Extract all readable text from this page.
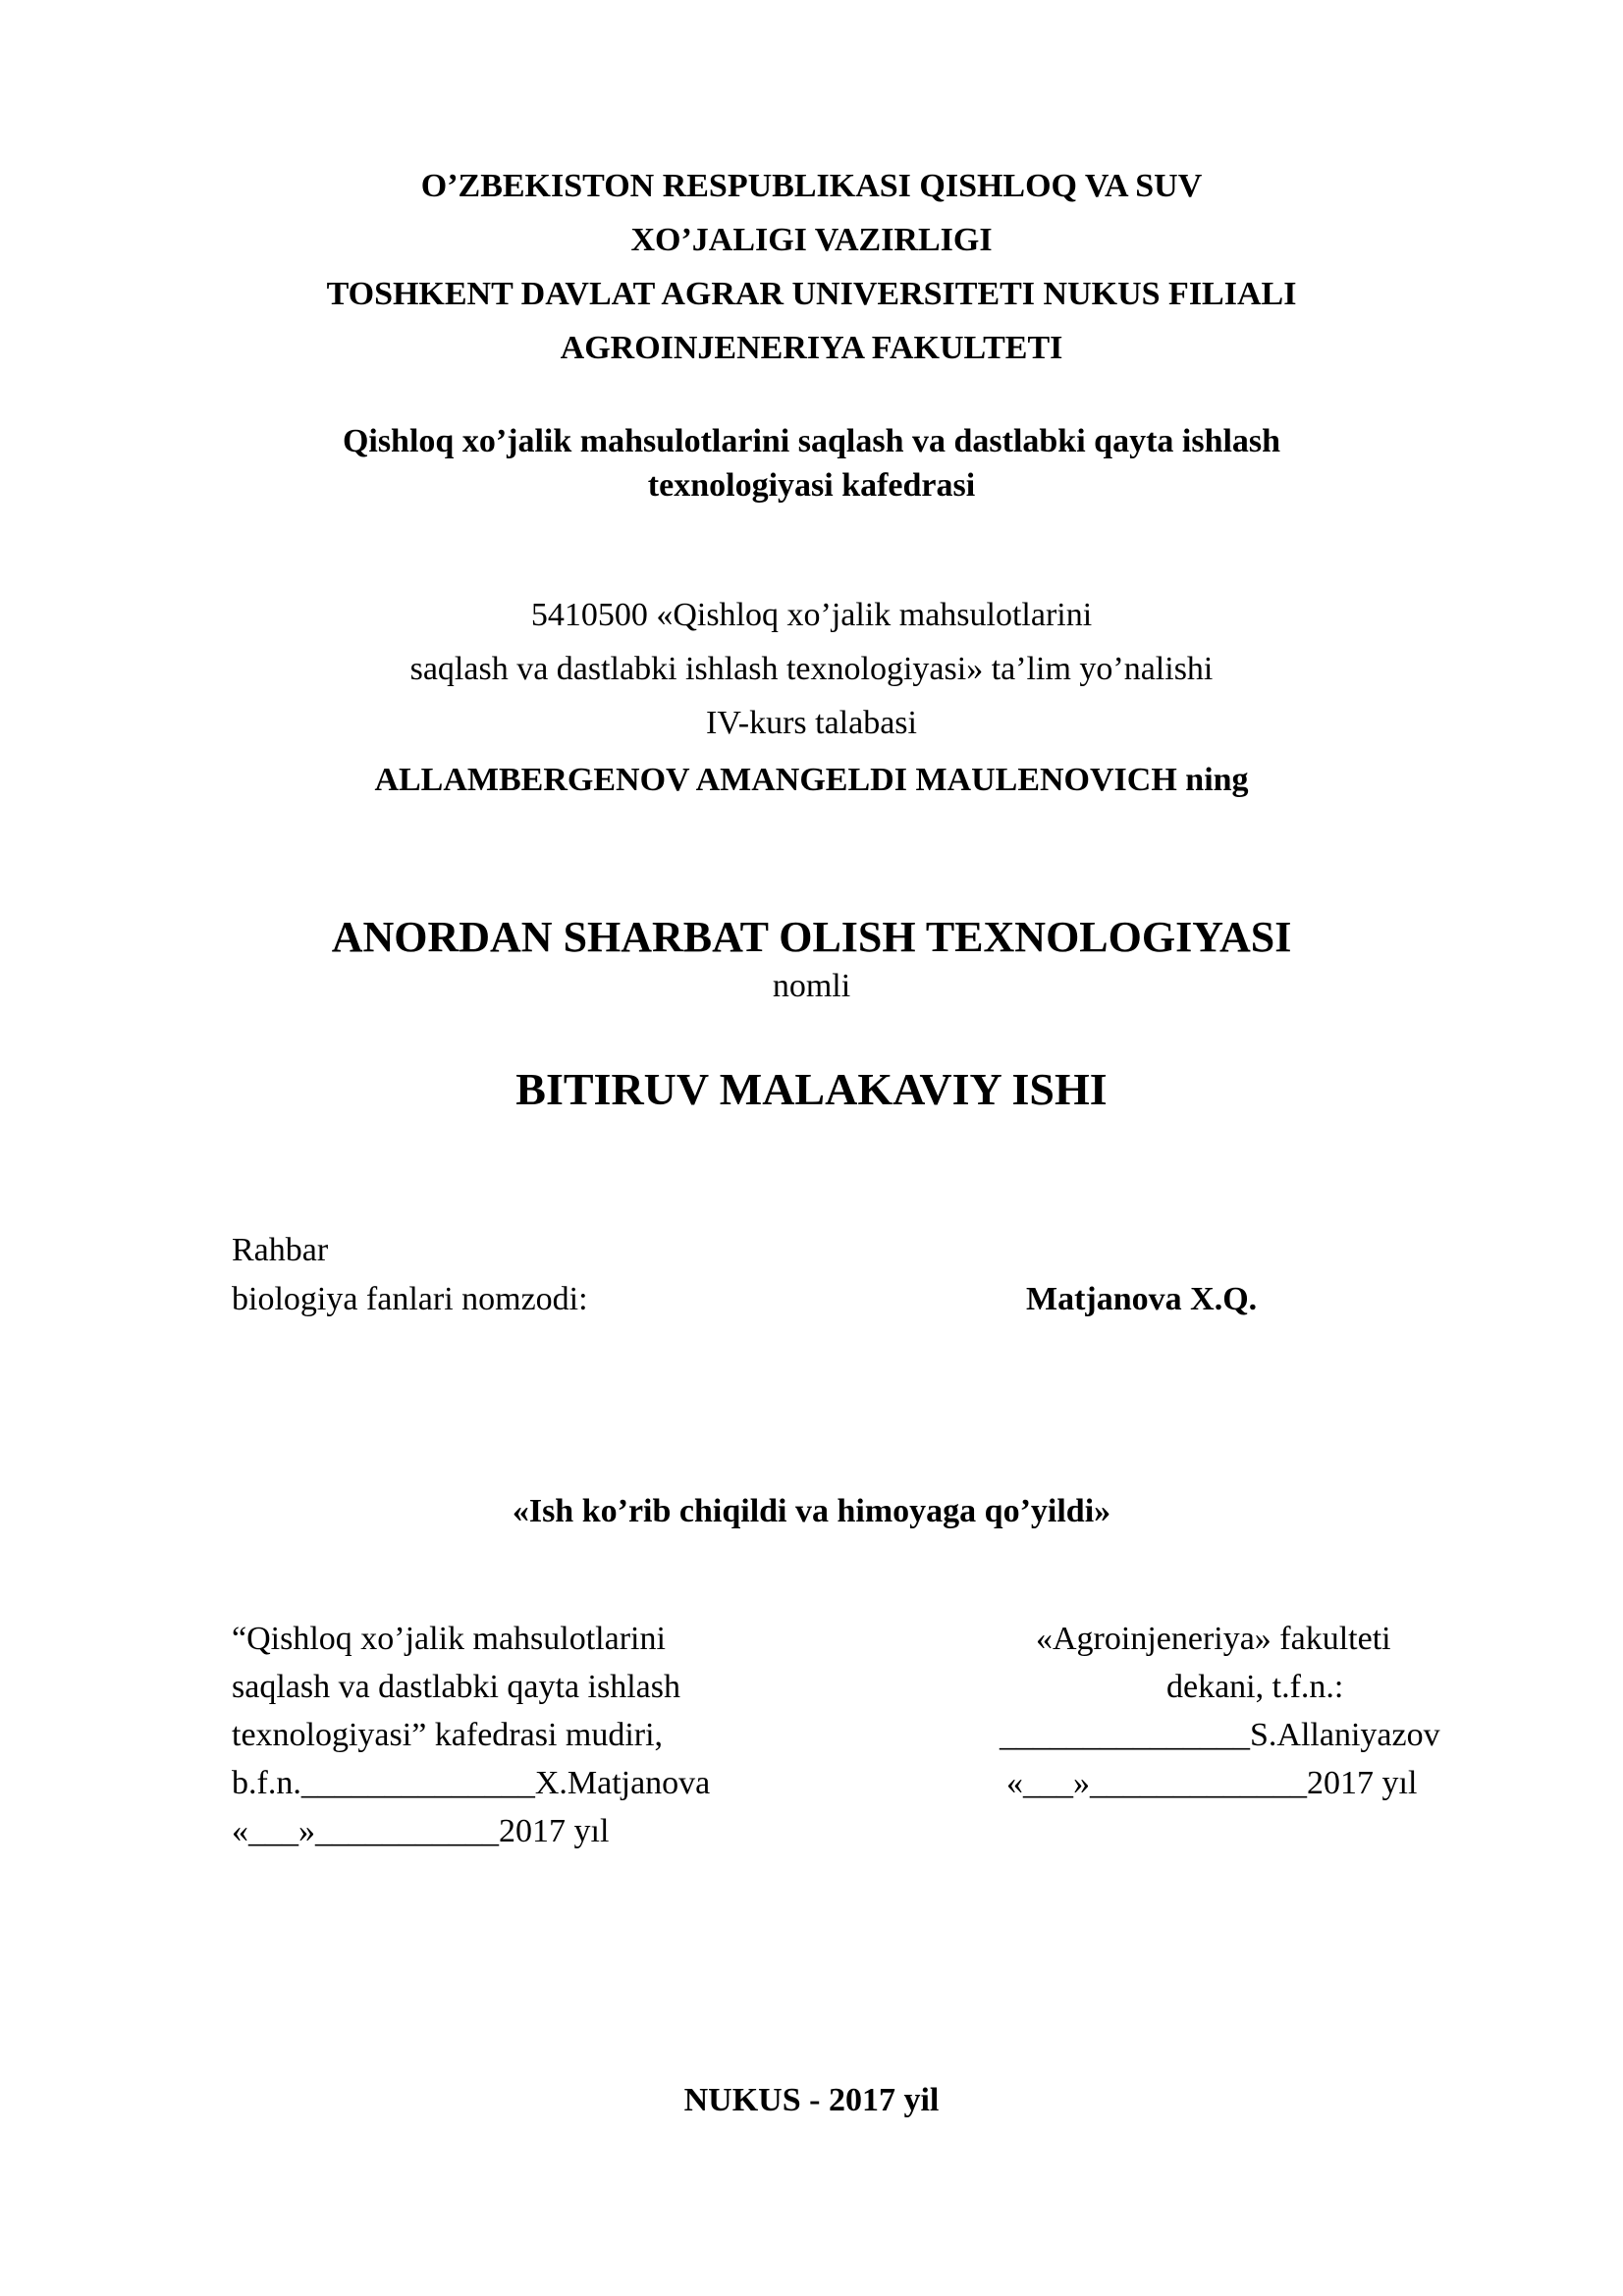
O’ZBEKISTON RESPUBLIKASI QISHLOQ VA SUV
XO’JALIGI VAZIRLIGI
TOSHKENT DAVLAT AGRAR UNIVERSITETI NUKUS FILIALI
AGROINJENERIYA FAKULTETI
Qishloq xo’jalik mahsulotlarini saqlash va dastlabki qayta ishlash
texnologiyasi kafedrasi
5410500 «Qishloq xo’jalik mahsulotlarini
saqlash va dastlabki ishlash texnologiyasi» ta’lim yo’nalishi
IV-kurs talabasi
ALLAMBERGENOV AMANGELDI MAULENOVICH ning
ANORDAN SHARBAT OLISH TEXNOLOGIYASI
nomli
BITIRUV MALAKAVIY ISHI
Rahbar
biologiya fanlari nomzodi:	Matjanova X.Q.
«Ish ko’rib chiqildi va himoyaga qo’yildi»
“Qishloq xo’jalik mahsulotlarini
saqlash va dastlabki qayta ishlash
texnologiyasi” kafedrasi mudiri,
b.f.n.______________X.Matjanova
«___»___________2017 yıl
«Agroinjeneriya» fakulteti
dekani, t.f.n.:
_______________S.Allaniyazov
«___»_____________2017 yıl
NUKUS - 2017 yil
